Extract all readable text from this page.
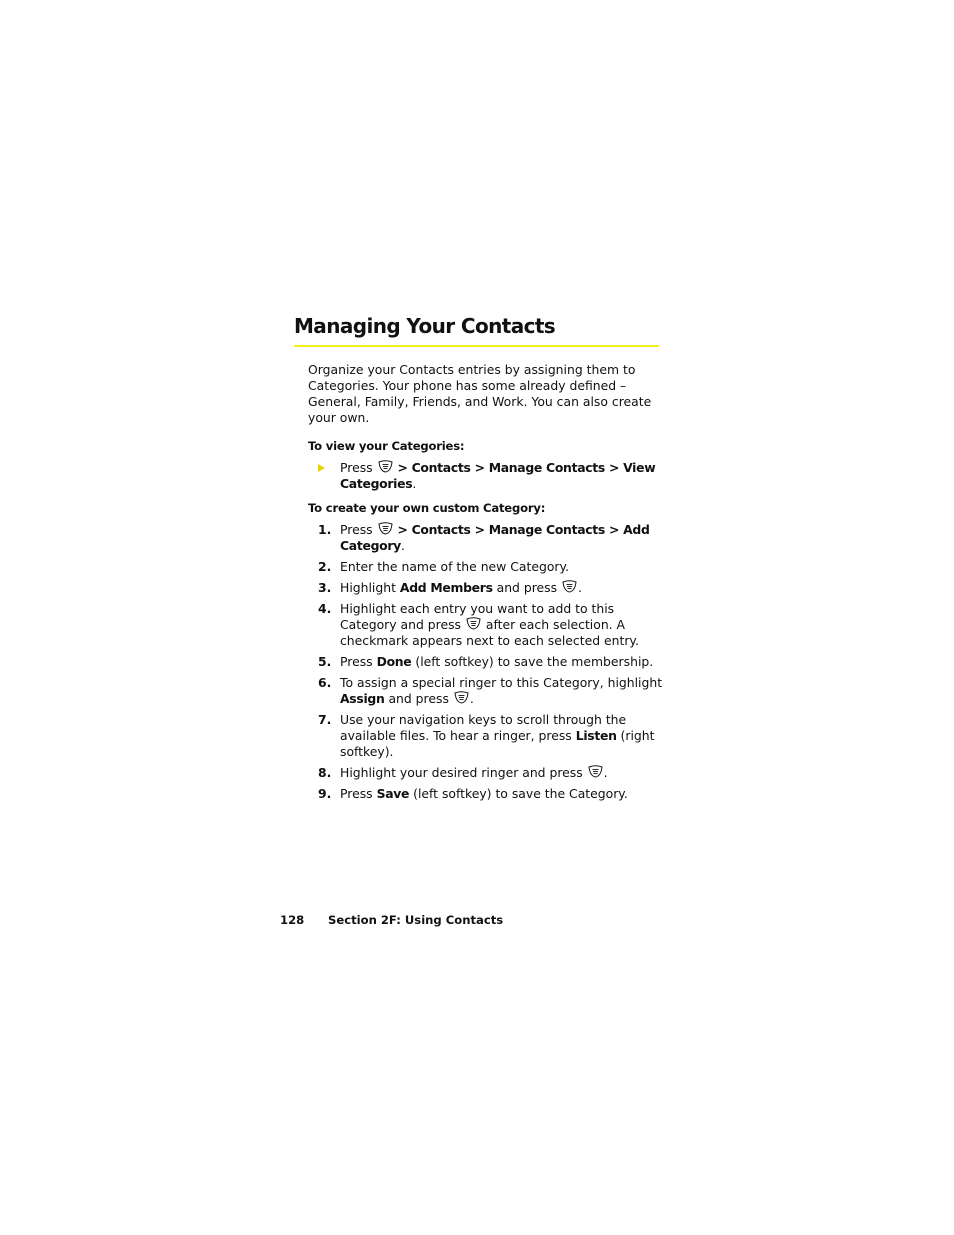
Managing Your Contacts

Organize your Contacts entries by assigning them to Categories. Your phone has some already defined – General, Family, Friends, and Work. You can also create your own.

To view your Categories:

Press > Contacts > Manage Contacts > View Categories.

To create your own custom Category:

1. Press > Contacts > Manage Contacts > Add Category.
2. Enter the name of the new Category.
3. Highlight Add Members and press .
4. Highlight each entry you want to add to this Category and press after each selection. A checkmark appears next to each selected entry.
5. Press Done (left softkey) to save the membership.
6. To assign a special ringer to this Category, highlight Assign and press .
7. Use your navigation keys to scroll through the available files. To hear a ringer, press Listen (right softkey).
8. Highlight your desired ringer and press .
9. Press Save (left softkey) to save the Category.
128 Section 2F: Using Contacts
